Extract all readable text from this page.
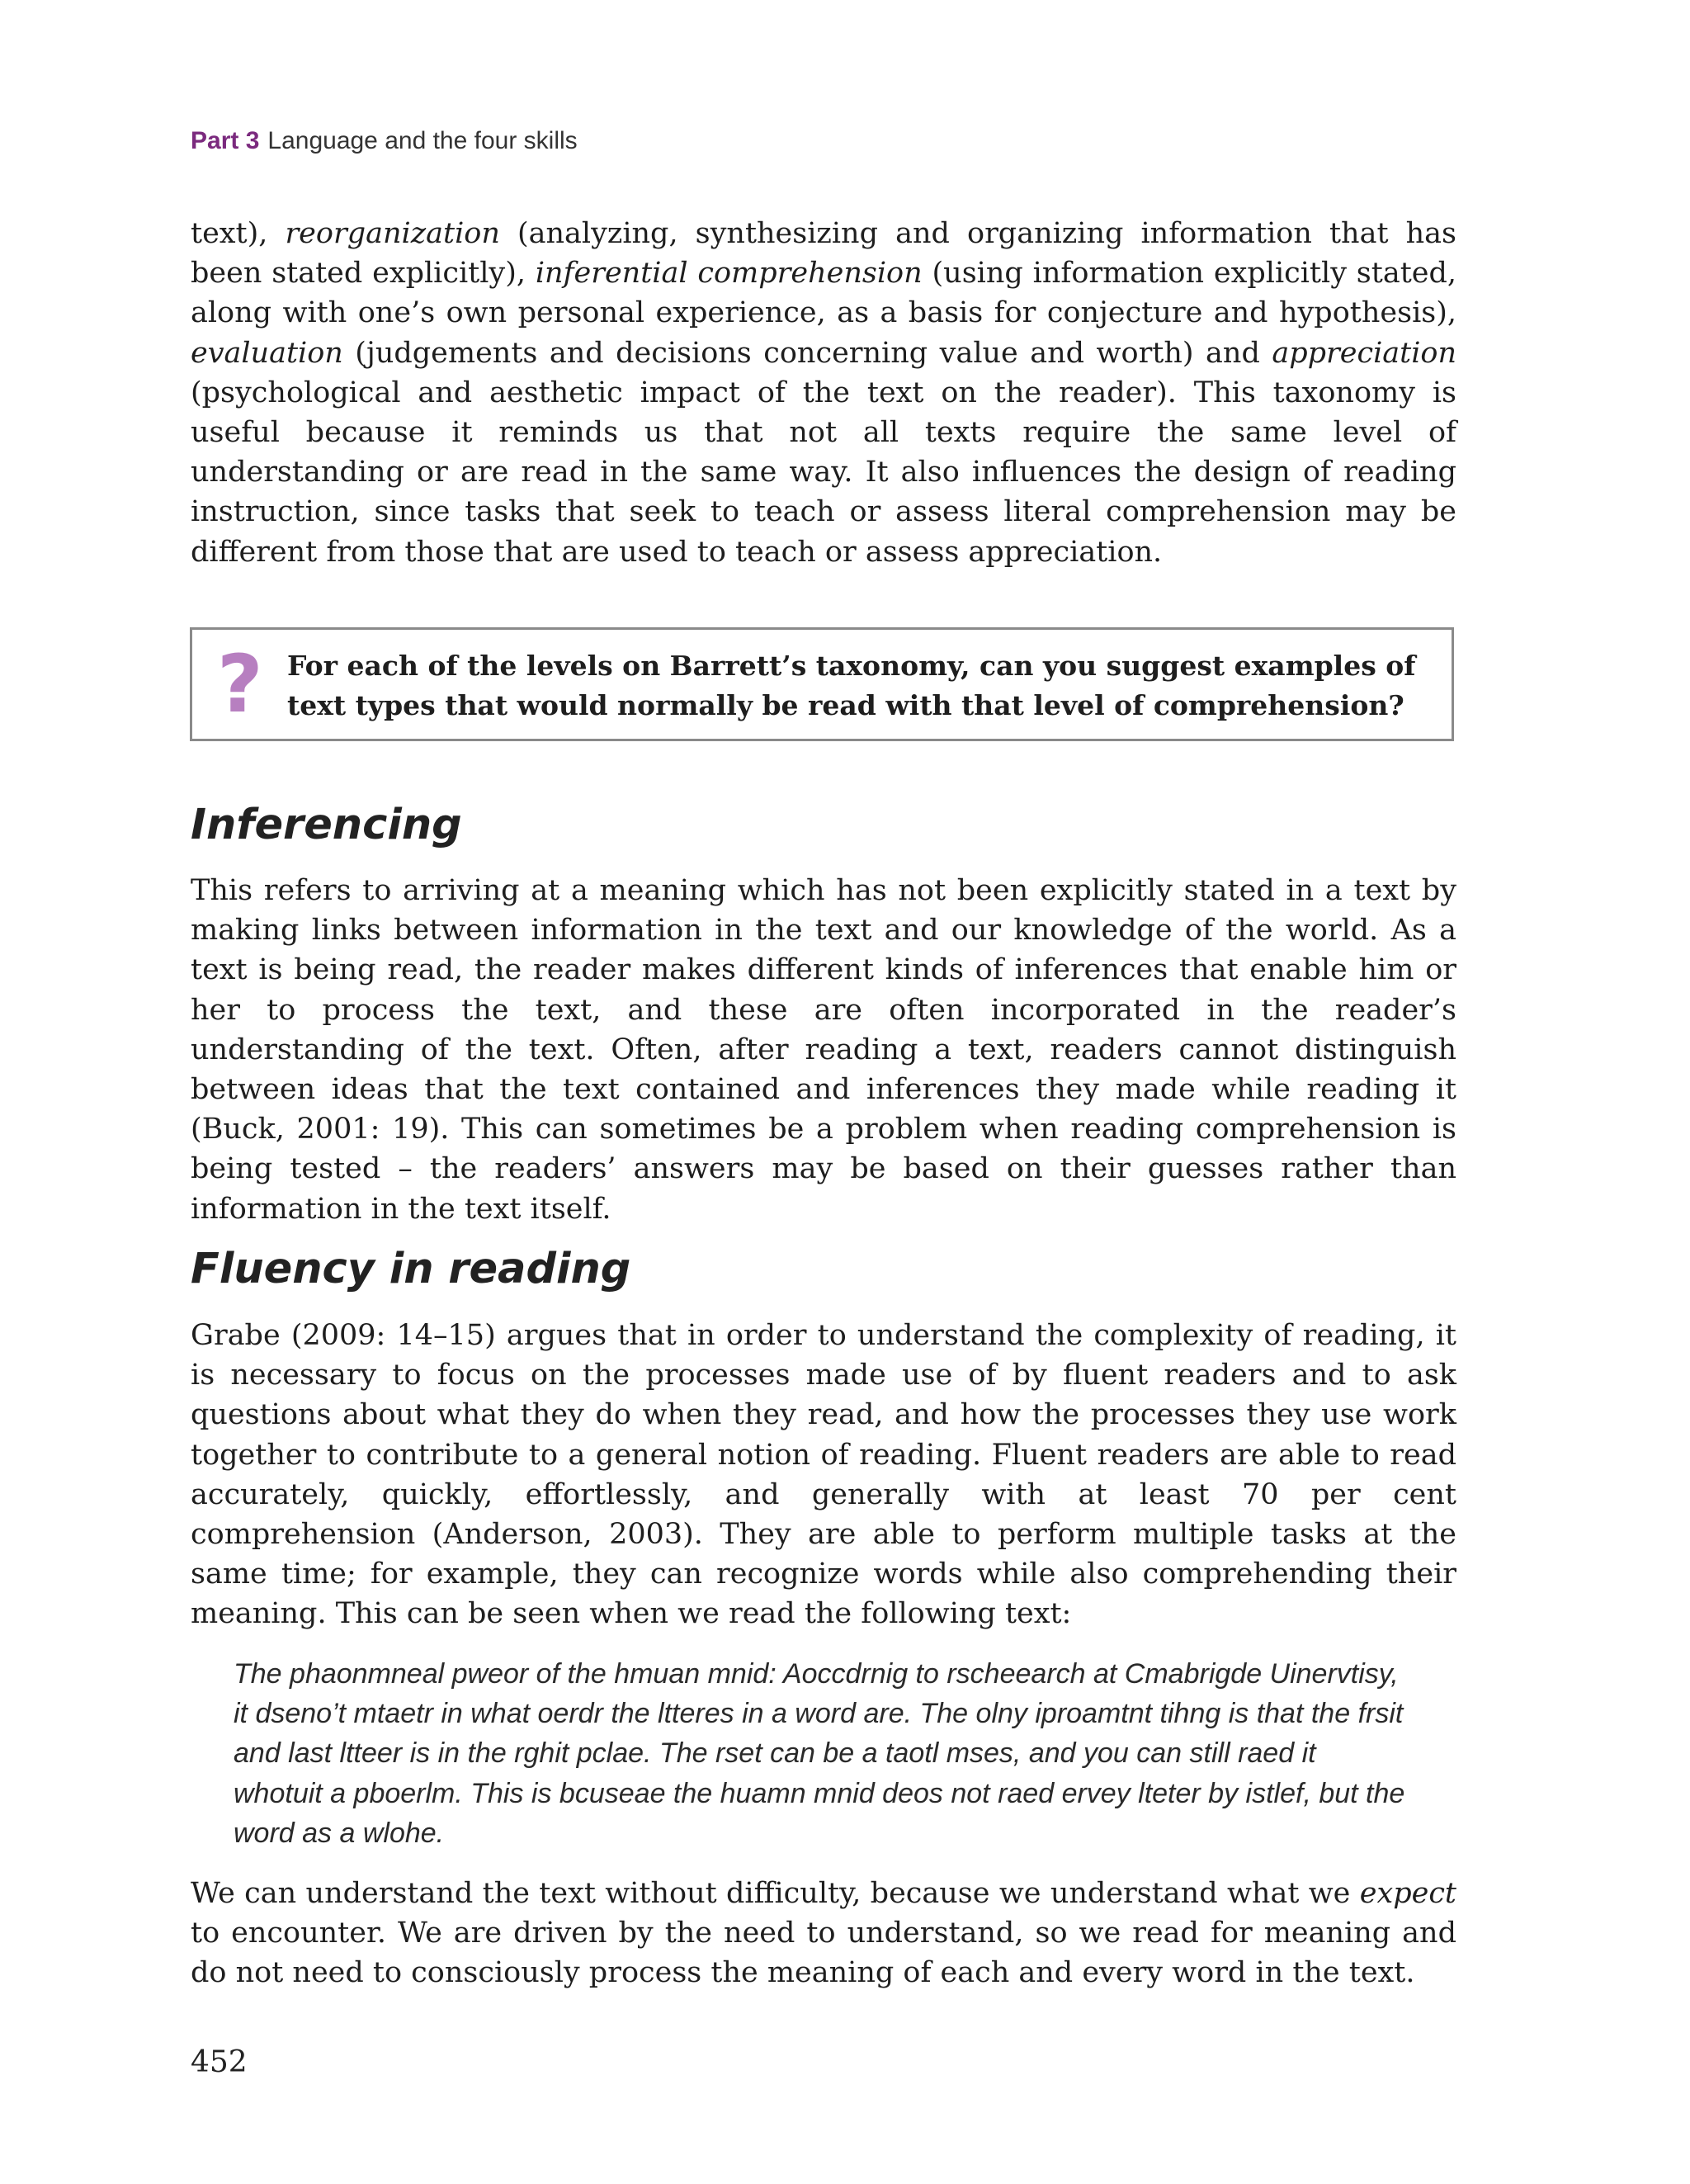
Part 3 Language and the four skills

text), reorganization (analyzing, synthesizing and organizing information that has been stated explicitly), inferential comprehension (using information explicitly stated, along with one’s own personal experience, as a basis for conjecture and hypothesis), evaluation (judgements and decisions concerning value and worth) and appreciation (psychological and aesthetic impact of the text on the reader). This taxonomy is useful because it reminds us that not all texts require the same level of understanding or are read in the same way. It also influences the design of reading instruction, since tasks that seek to teach or assess literal comprehension may be different from those that are used to teach or assess appreciation.

? For each of the levels on Barrett’s taxonomy, can you suggest examples of text types that would normally be read with that level of comprehension?

Inferencing

This refers to arriving at a meaning which has not been explicitly stated in a text by making links between information in the text and our knowledge of the world. As a text is being read, the reader makes different kinds of inferences that enable him or her to process the text, and these are often incorporated in the reader’s understanding of the text. Often, after reading a text, readers cannot distinguish between ideas that the text contained and inferences they made while reading it (Buck, 2001: 19). This can sometimes be a problem when reading comprehension is being tested – the readers’ answers may be based on their guesses rather than information in the text itself.

Fluency in reading

Grabe (2009: 14–15) argues that in order to understand the complexity of reading, it is necessary to focus on the processes made use of by fluent readers and to ask questions about what they do when they read, and how the processes they use work together to contribute to a general notion of reading. Fluent readers are able to read accurately, quickly, effortlessly, and generally with at least 70 per cent comprehension (Anderson, 2003). They are able to perform multiple tasks at the same time; for example, they can recognize words while also comprehending their meaning. This can be seen when we read the following text:

The phaonmneal pweor of the hmuan mnid: Aoccdrnig to rscheearch at Cmabrigde Uinervtisy, it dseno’t mtaetr in what oerdr the ltteres in a word are. The olny iproamtnt tihng is that the frsit and last ltteer is in the rghit pclae. The rset can be a taotl mses, and you can still raed it whotuit a pboerlm. This is bcuseae the huamn mnid deos not raed ervey lteter by istlef, but the word as a wlohe.

We can understand the text without difficulty, because we understand what we expect to encounter. We are driven by the need to understand, so we read for meaning and do not need to consciously process the meaning of each and every word in the text.

452
